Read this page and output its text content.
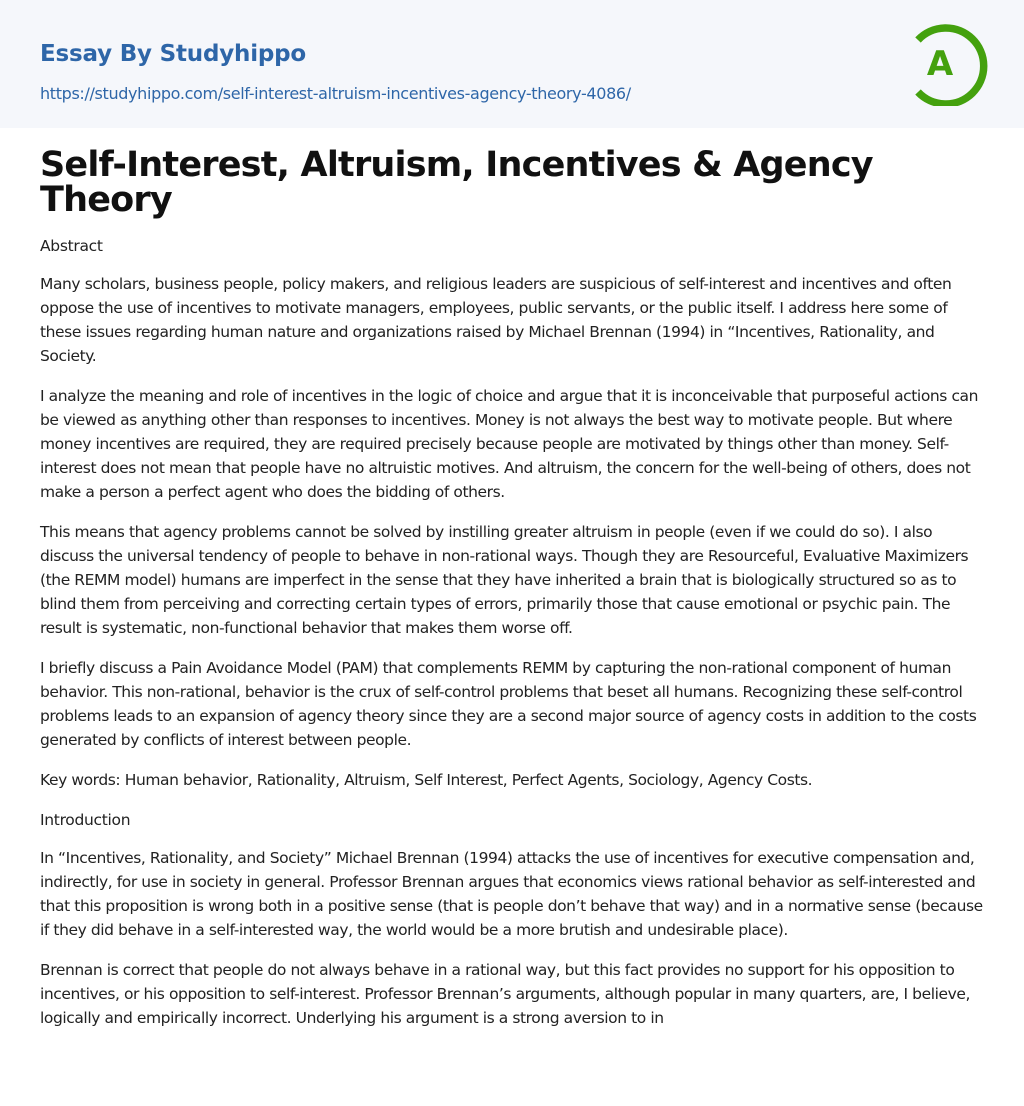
Essay By Studyhippo
https://studyhippo.com/self-interest-altruism-incentives-agency-theory-4086/
A
Self-Interest, Altruism, Incentives & Agency Theory
Abstract

Many scholars, business people, policy makers, and religious leaders are suspicious of self-interest and incentives and often oppose the use of incentives to motivate managers, employees, public servants, or the public itself. I address here some of these issues regarding human nature and organizations raised by Michael Brennan (1994) in “Incentives, Rationality, and Society.

I analyze the meaning and role of incentives in the logic of choice and argue that it is inconceivable that purposeful actions can be viewed as anything other than responses to incentives. Money is not always the best way to motivate people. But where money incentives are required, they are required precisely because people are motivated by things other than money. Self-interest does not mean that people have no altruistic motives. And altruism, the concern for the well-being of others, does not make a person a perfect agent who does the bidding of others.

This means that agency problems cannot be solved by instilling greater altruism in people (even if we could do so). I also discuss the universal tendency of people to behave in non-rational ways. Though they are Resourceful, Evaluative Maximizers (the REMM model) humans are imperfect in the sense that they have inherited a brain that is biologically structured so as to blind them from perceiving and correcting certain types of errors, primarily those that cause emotional or psychic pain. The result is systematic, non-functional behavior that makes them worse off.

I briefly discuss a Pain Avoidance Model (PAM) that complements REMM by capturing the non-rational component of human behavior. This non-rational, behavior is the crux of self-control problems that beset all humans. Recognizing these self-control problems leads to an expansion of agency theory since they are a second major source of agency costs in addition to the costs generated by conflicts of interest between people.

Key words: Human behavior, Rationality, Altruism, Self Interest, Perfect Agents, Sociology, Agency Costs.

Introduction

In “Incentives, Rationality, and Society” Michael Brennan (1994) attacks the use of incentives for executive compensation and, indirectly, for use in society in general. Professor Brennan argues that economics views rational behavior as self-interested and that this proposition is wrong both in a positive sense (that is people don’t behave that way) and in a normative sense (because if they did behave in a self-interested way, the world would be a more brutish and undesirable place).

Brennan is correct that people do not always behave in a rational way, but this fact provides no support for his opposition to incentives, or his opposition to self-interest. Professor Brennan’s arguments, although popular in many quarters, are, I believe, logically and empirically incorrect. Underlying his argument is a strong aversion to in
